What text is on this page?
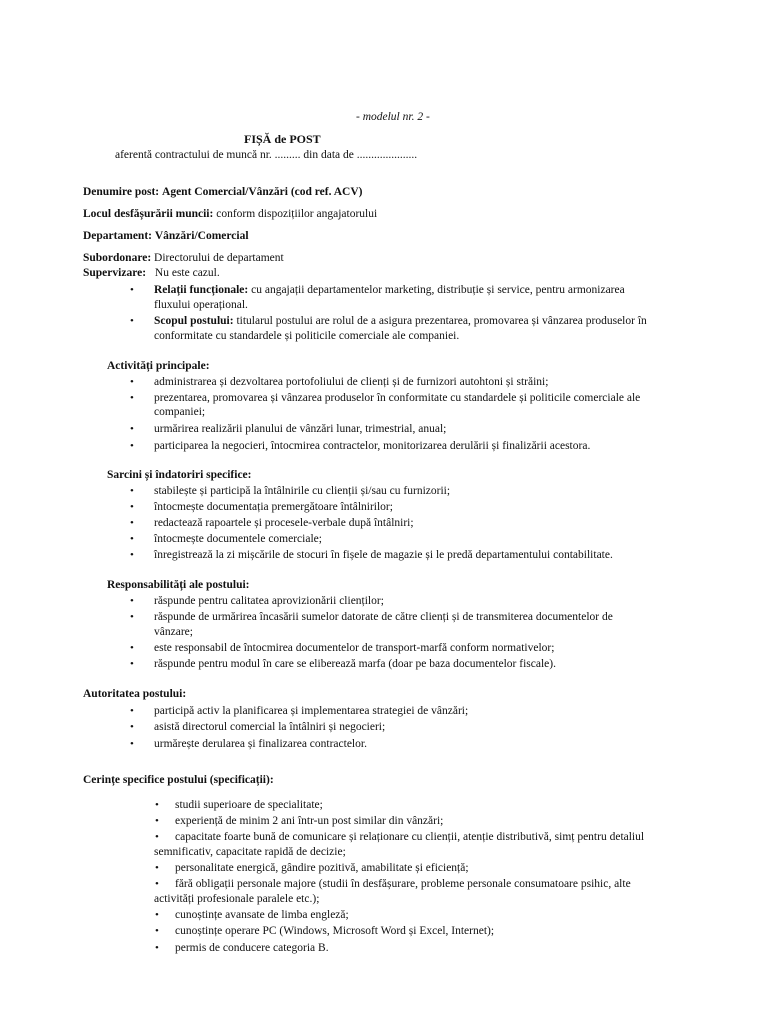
- modelul nr. 2 -

FIȘĂ de POST

aferentă contractului de muncă nr. ......... din data de .....................

Denumire post: Agent Comercial/Vânzări (cod ref. ACV)

Locul desfășurării muncii: conform dispozițiilor angajatorului

Departament: Vânzări/Comercial

Subordonare: Directorului de departament

Supervizare: Nu este cazul.

•

Relații funcționale: cu angajații departamentelor marketing, distribuție și service, pentru armonizarea

fluxului operațional.

•

Scopul postului: titularul postului are rolul de a asigura prezentarea, promovarea și vânzarea produselor în

conformitate cu standardele și politicile comerciale ale companiei.

Activități principale:

•

administrarea și dezvoltarea portofoliului de clienți și de furnizori autohtoni și străini;

•

prezentarea, promovarea și vânzarea produselor în conformitate cu standardele și politicile comerciale ale

companiei;

•

urmărirea realizării planului de vânzări lunar, trimestrial, anual;

•

participarea la negocieri, întocmirea contractelor, monitorizarea derulării și finalizării acestora.

Sarcini și îndatoriri specifice:

•

stabilește și participă la întâlnirile cu clienții și/sau cu furnizorii;

•

întocmește documentația premergătoare întâlnirilor;

•

redactează rapoartele și procesele-verbale după întâlniri;

•

întocmește documentele comerciale;

•

înregistrează la zi mișcările de stocuri în fișele de magazie și le predă departamentului contabilitate.

Responsabilități ale postului:

•

răspunde pentru calitatea aprovizionării clienților;

•

răspunde de urmărirea încasării sumelor datorate de către clienți și de transmiterea documentelor de

vânzare;

•

este responsabil de întocmirea documentelor de transport-marfă conform normativelor;

•

răspunde pentru modul în care se eliberează marfa (doar pe baza documentelor fiscale).

Autoritatea postului:

•

participă activ la planificarea și implementarea strategiei de vânzări;

•

asistă directorul comercial la întâlniri și negocieri;

•

urmărește derularea și finalizarea contractelor.

Cerințe specifice postului (specificații):

•

studii superioare de specialitate;

•

experiență de minim 2 ani într-un post similar din vânzări;

•

capacitate foarte bună de comunicare și relaționare cu clienții, atenție distributivă, simț pentru detaliul

semnificativ, capacitate rapidă de decizie;

•

personalitate energică, gândire pozitivă, amabilitate și eficiență;

•

fără obligații personale majore (studii în desfășurare, probleme personale consumatoare psihic, alte

activități profesionale paralele etc.);

•

cunoștințe avansate de limba engleză;

•

cunoștințe operare PC (Windows, Microsoft Word și Excel, Internet);

•

permis de conducere categoria B.
